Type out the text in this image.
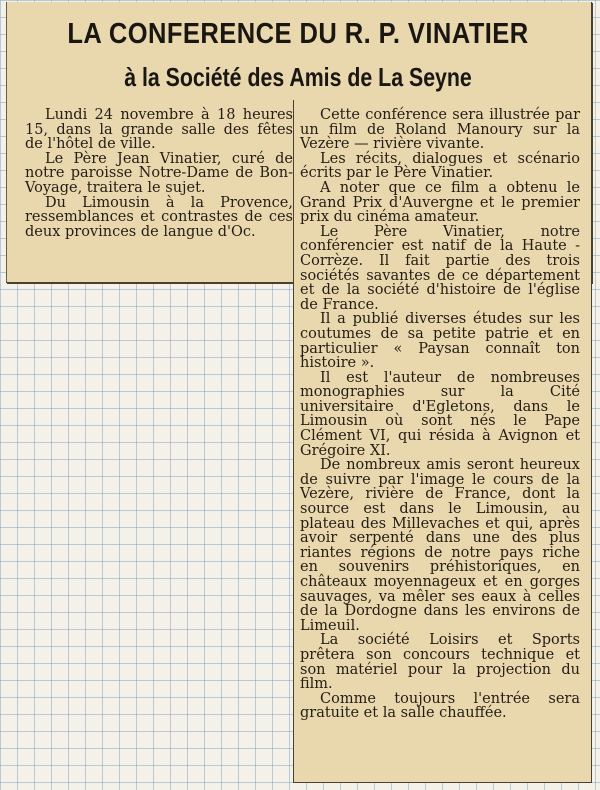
LA CONFERENCE DU R. P. VINATIER
à la Société des Amis de La Seyne

Lundi 24 novembre à 18 heures 15, dans la grande salle des fêtes de l'hôtel de ville.

Le Père Jean Vinatier, curé de notre paroisse Notre-Dame de Bon-Voyage, traitera le sujet.

Du Limousin à la Provence, ressemblances et contrastes de ces deux provinces de langue d'Oc.

Cette conférence sera illustrée par un film de Roland Manoury sur la Vezère — rivière vivante.

Les récits, dialogues et scénario écrits par le Père Vinatier.

A noter que ce film a obtenu le Grand Prix d'Auvergne et le premier prix du cinéma amateur.

Le Père Vinatier, notre conférencier est natif de la Haute - Corrèze. Il fait partie des trois sociétés savantes de ce département et de la société d'histoire de l'église de France.

Il a publié diverses études sur les coutumes de sa petite patrie et en particulier « Paysan connaît ton histoire ».

Il est l'auteur de nombreuses monographies sur la Cité universitaire d'Egletons, dans le Limousin où sont nés le Pape Clément VI, qui résida à Avignon et Grégoire XI.

De nombreux amis seront heureux de suivre par l'image le cours de la Vezère, rivière de France, dont la source est dans le Limousin, au plateau des Millevaches et qui, après avoir serpenté dans une des plus riantes régions de notre pays riche en souvenirs préhistoriques, en châteaux moyennageux et en gorges sauvages, va mêler ses eaux à celles de la Dordogne dans les environs de Limeuil.

La société Loisirs et Sports prêtera son concours technique et son matériel pour la projection du film.

Comme toujours l'entrée sera gratuite et la salle chauffée.
